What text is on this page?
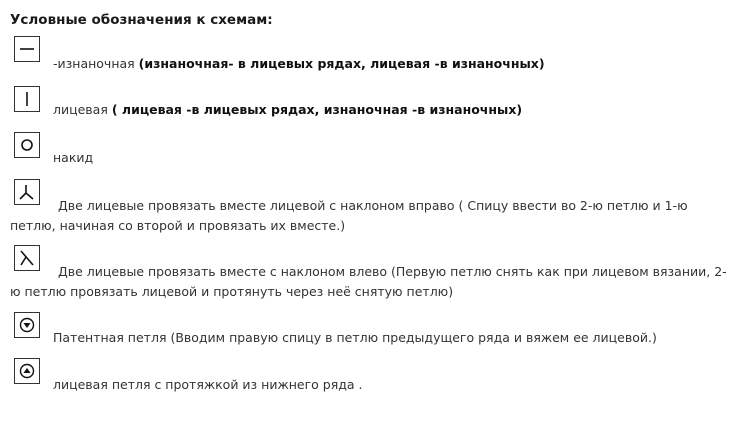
Условные обозначения к схемам:
-изнаночная (изнаночная- в лицевых рядах, лицевая -в изнаночных)
лицевая ( лицевая -в лицевых рядах, изнаночная -в изнаночных)
накид
Две лицевые провязать вместе лицевой с наклоном вправо ( Спицу ввести во 2-ю петлю и 1-ю
петлю, начиная со второй и провязать их вместе.)
Две лицевые провязать вместе с наклоном влево (Первую петлю снять как при лицевом вязании, 2-
ю петлю провязать лицевой и протянуть через неё снятую петлю)
Патентная петля (Вводим правую спицу в петлю предыдущего ряда и вяжем ее лицевой.)
лицевая петля с протяжкой из нижнего ряда .
